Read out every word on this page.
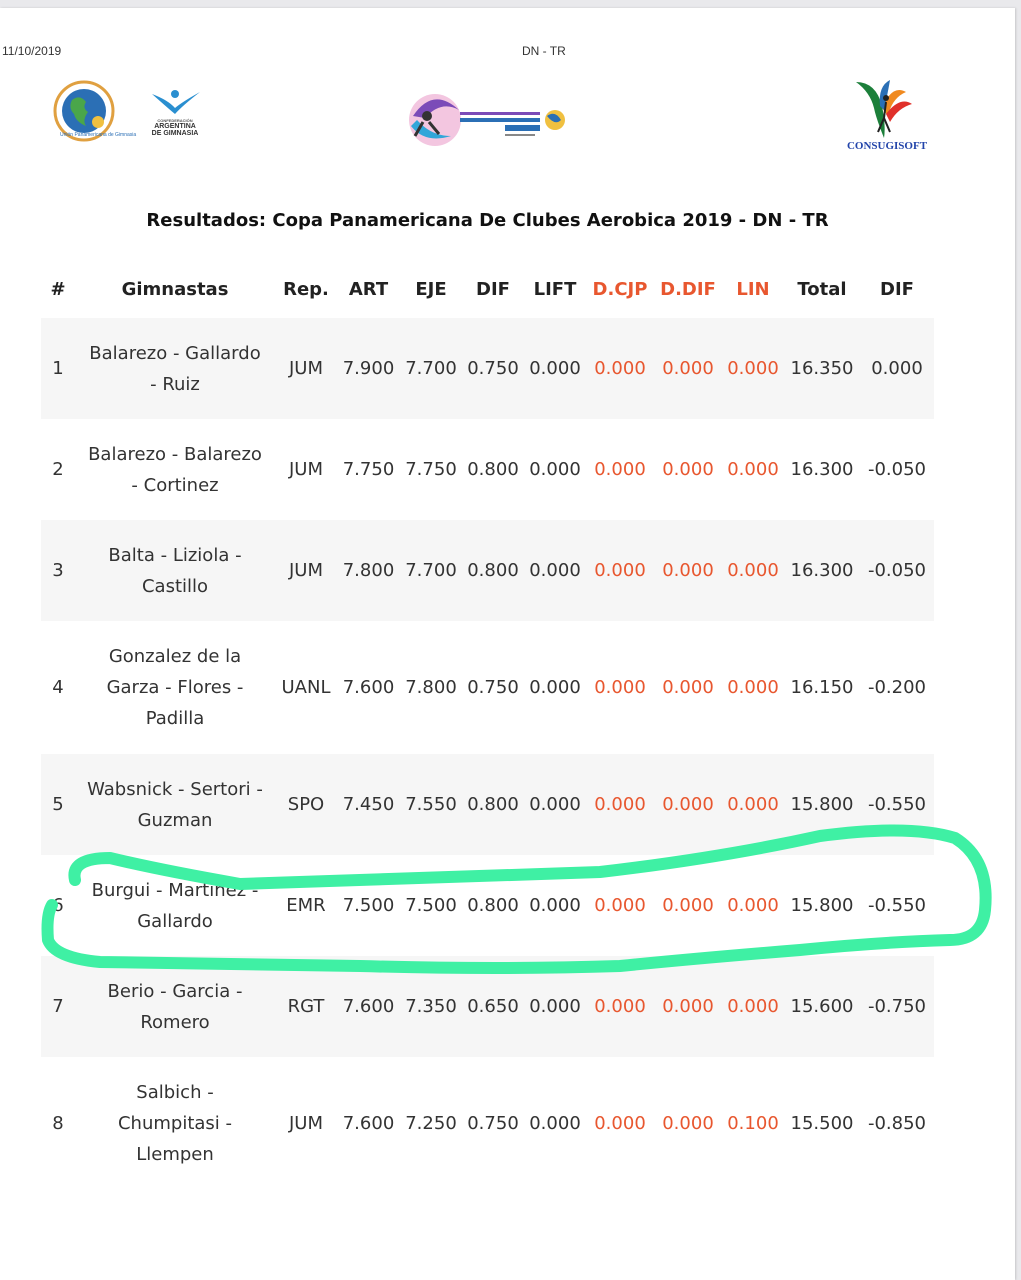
11/10/2019	DN - TR
Unión Panamericana de Gimnasia
CONFEDERACIÓN
ARGENTINA
DE GIMNASIA
CONSUGISOFT
Resultados: Copa Panamericana De Clubes Aerobica 2019 - DN - TR
#	Gimnastas	Rep.	ART	EJE	DIF	LIFT	D.CJP	D.DIF	LIN	Total	DIF
1	Balarezo - Gallardo
- Ruiz	JUM	7.900	7.700	0.750	0.000	0.000	0.000	0.000	16.350	0.000
2	Balarezo - Balarezo
- Cortinez	JUM	7.750	7.750	0.800	0.000	0.000	0.000	0.000	16.300	-0.050
3	Balta - Liziola -
Castillo	JUM	7.800	7.700	0.800	0.000	0.000	0.000	0.000	16.300	-0.050
4	Gonzalez de la
Garza - Flores -
Padilla	UANL	7.600	7.800	0.750	0.000	0.000	0.000	0.000	16.150	-0.200
5	Wabsnick - Sertori -
Guzman	SPO	7.450	7.550	0.800	0.000	0.000	0.000	0.000	15.800	-0.550
6	Burgui - Martinez -
Gallardo	EMR	7.500	7.500	0.800	0.000	0.000	0.000	0.000	15.800	-0.550
7	Berio - Garcia -
Romero	RGT	7.600	7.350	0.650	0.000	0.000	0.000	0.000	15.600	-0.750
8	Salbich -
Chumpitasi -
Llempen	JUM	7.600	7.250	0.750	0.000	0.000	0.000	0.100	15.500	-0.850
